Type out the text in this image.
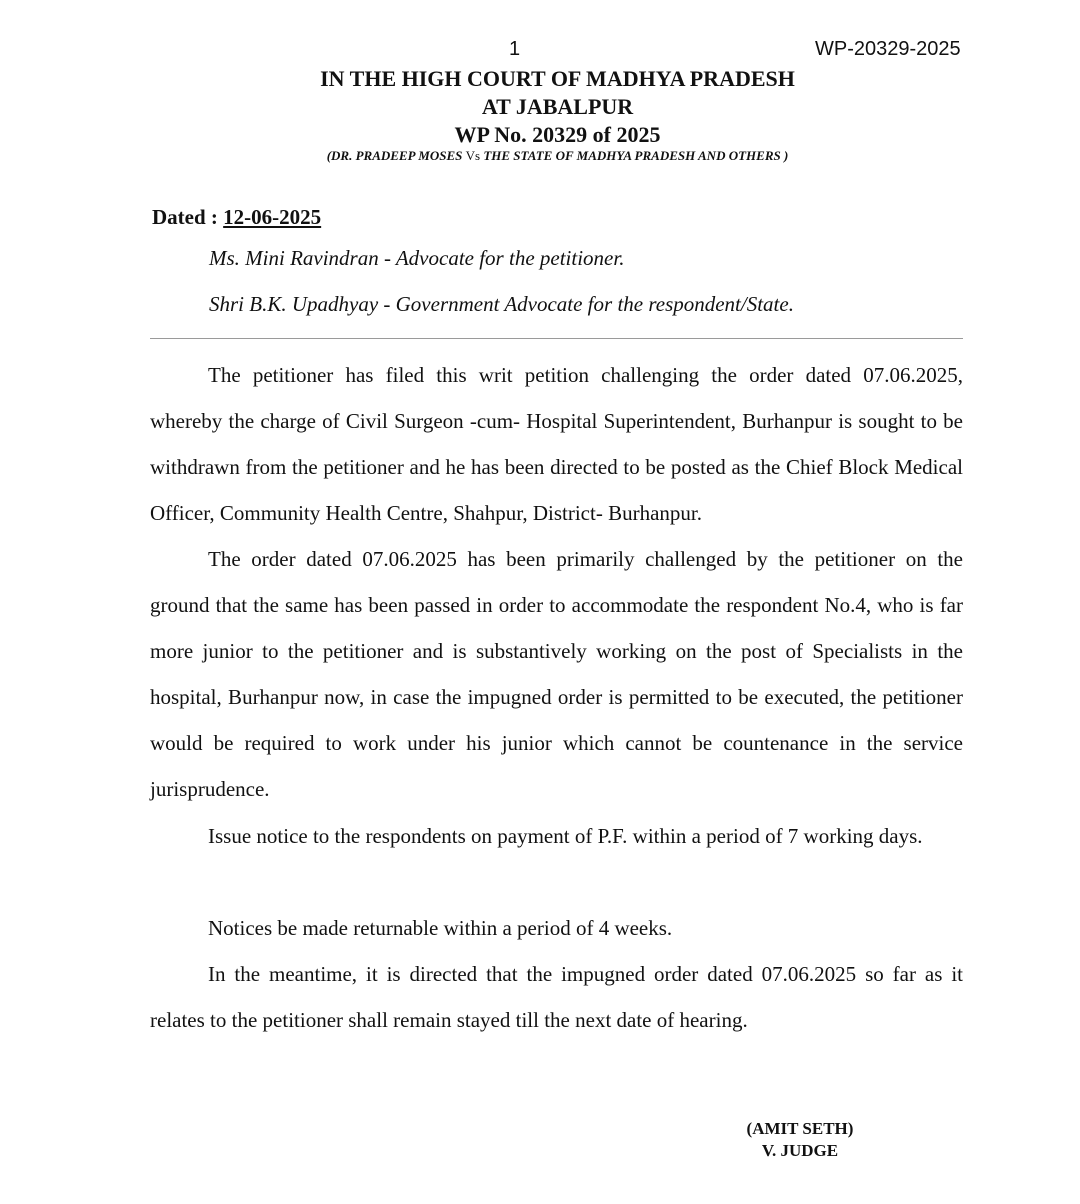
1	WP-20329-2025
IN THE HIGH COURT OF MADHYA PRADESH
AT JABALPUR
WP No. 20329 of 2025
(DR. PRADEEP MOSES Vs THE STATE OF MADHYA PRADESH AND OTHERS )
Dated : 12-06-2025
Ms. Mini Ravindran - Advocate for the petitioner.
Shri B.K. Upadhyay - Government Advocate for the respondent/State.

The petitioner has filed this writ petition challenging the order dated 07.06.2025, whereby the charge of Civil Surgeon -cum- Hospital Superintendent, Burhanpur is sought to be withdrawn from the petitioner and he has been directed to be posted as the Chief Block Medical Officer, Community Health Centre, Shahpur, District- Burhanpur.

The order dated 07.06.2025 has been primarily challenged by the petitioner on the ground that the same has been passed in order to accommodate the respondent No.4, who is far more junior to the petitioner and is substantively working on the post of Specialists in the hospital, Burhanpur now, in case the impugned order is permitted to be executed, the petitioner would be required to work under his junior which cannot be countenance in the service jurisprudence.

Issue notice to the respondents on payment of P.F. within a period of 7 working days.

Notices be made returnable within a period of 4 weeks.

In the meantime, it is directed that the impugned order dated 07.06.2025 so far as it relates to the petitioner shall remain stayed till the next date of hearing.

(AMIT SETH)
V. JUDGE
